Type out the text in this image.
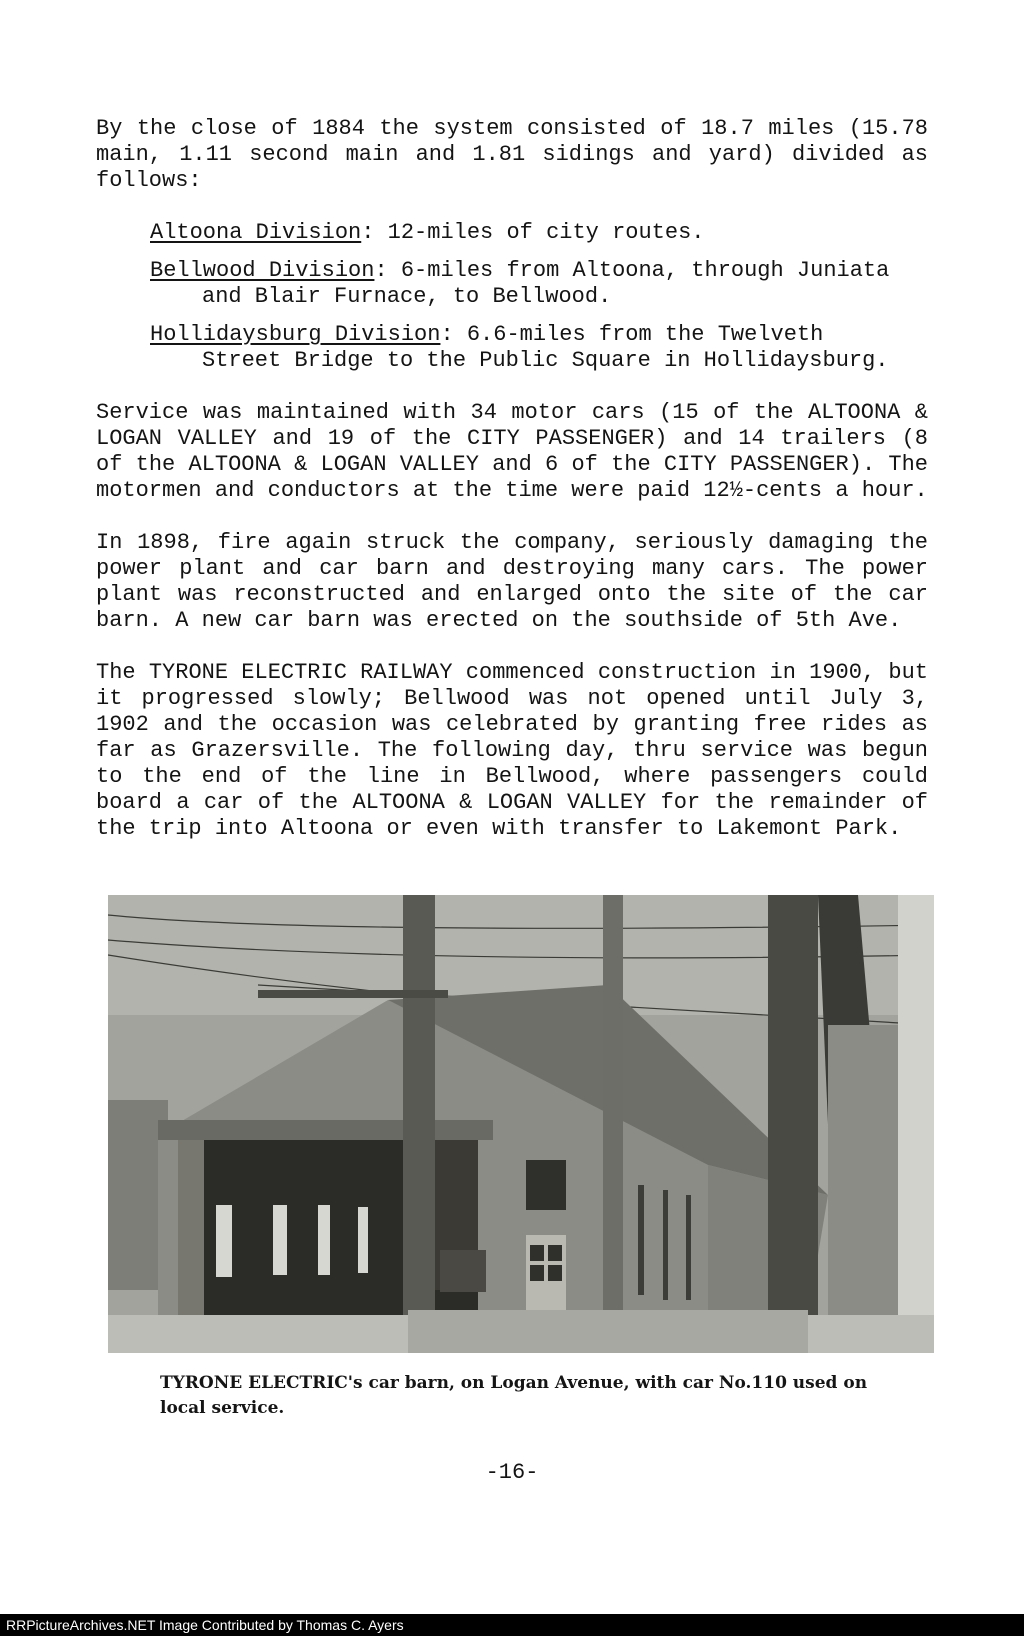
By the close of 1884 the system consisted of 18.7 miles (15.78 main, 1.11 second main and 1.81 sidings and yard) divided as follows:

Altoona Division: 12-miles of city routes.

Bellwood Division: 6-miles from Altoona, through Juniata
and Blair Furnace, to Bellwood.

Hollidaysburg Division: 6.6-miles from the Twelveth
Street Bridge to the Public Square in Hollidaysburg.

Service was maintained with 34 motor cars (15 of the ALTOONA & LOGAN VALLEY and 19 of the CITY PASSENGER) and 14 trailers (8 of the ALTOONA & LOGAN VALLEY and 6 of the CITY PASSENGER). The motormen and conductors at the time were paid 12½-cents a hour.

In 1898, fire again struck the company, seriously damaging the power plant and car barn and destroying many cars. The power plant was reconstructed and enlarged onto the site of the car barn. A new car barn was erected on the southside of 5th Ave.

The TYRONE ELECTRIC RAILWAY commenced construction in 1900, but it progressed slowly; Bellwood was not opened until July 3, 1902 and the occasion was celebrated by granting free rides as far as Grazersville. The following day, thru service was begun to the end of the line in Bellwood, where passengers could board a car of the ALTOONA & LOGAN VALLEY for the remainder of the trip into Altoona or even with transfer to Lakemont Park.

TYRONE ELECTRIC's car barn, on Logan Avenue, with car No.110 used on local service.
-16-
RRPictureArchives.NET Image Contributed by Thomas C. Ayers
